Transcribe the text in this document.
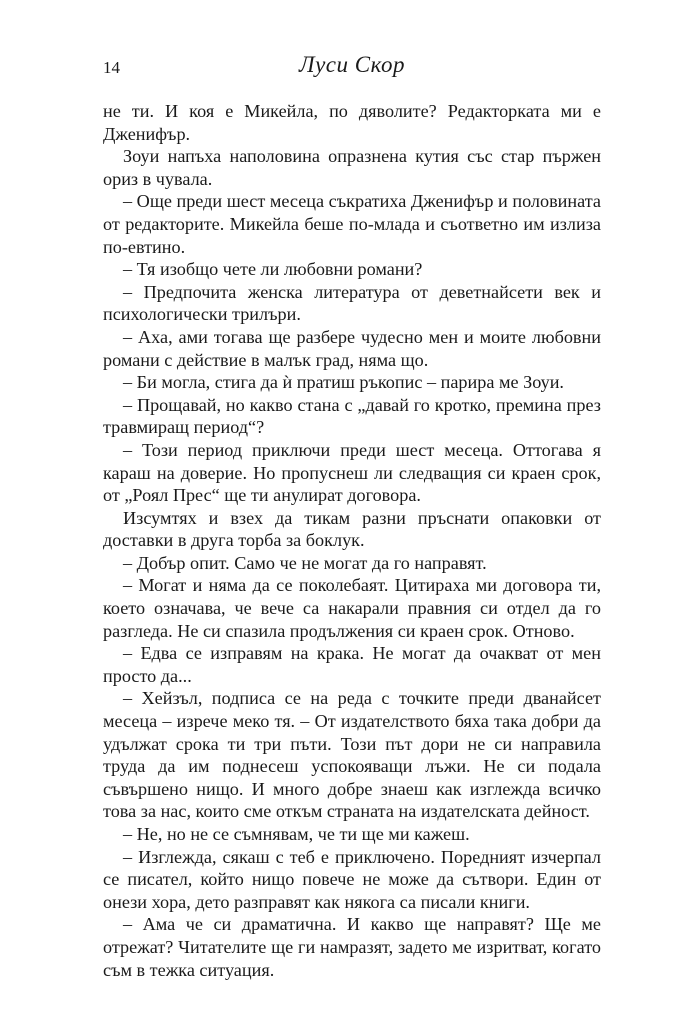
14	Луси Скор

не ти. И коя е Микейла, по дяволите? Редакторката ми е Дженифър.

Зоуи напъха наполовина опразнена кутия със стар пържен ориз в чувала.

– Още преди шест месеца съкратиха Дженифър и половината от редакторите. Микейла беше по-млада и съответно им излиза по-евтино.

– Тя изобщо чете ли любовни романи?

– Предпочита женска литература от деветнайсети век и психологически трилъри.

– Аха, ами тогава ще разбере чудесно мен и моите любовни романи с действие в малък град, няма що.

– Би могла, стига да ѝ пратиш ръкопис – парира ме Зоуи.

– Прощавай, но какво стана с „давай го кротко, премина през травмиращ период“?

– Този период приключи преди шест месеца. Оттогава я караш на доверие. Но пропуснеш ли следващия си краен срок, от „Роял Прес“ ще ти анулират договора.

Изсумтях и взех да тикам разни пръснати опаковки от доставки в друга торба за боклук.

– Добър опит. Само че не могат да го направят.

– Могат и няма да се поколебаят. Цитираха ми договора ти, което означава, че вече са накарали правния си отдел да го разгледа. Не си спазила продължения си краен срок. Отново.

– Едва се изправям на крака. Не могат да очакват от мен просто да...

– Хейзъл, подписа се на реда с точките преди дванайсет месеца – изрече меко тя. – От издателството бяха така добри да удължат срока ти три пъти. Този път дори не си направила труда да им поднесеш успокояващи лъжи. Не си подала съвършено нищо. И много добре знаеш как изглежда всичко това за нас, които сме откъм страната на издателската дейност.

– Не, но не се съмнявам, че ти ще ми кажеш.

– Изглежда, сякаш с теб е приключено. Поредният изчерпал се писател, който нищо повече не може да сътвори. Един от онези хора, дето разправят как някога са писали книги.

– Ама че си драматична. И какво ще направят? Ще ме отрежат? Читателите ще ги намразят, задето ме изритват, когато съм в тежка ситуация.
